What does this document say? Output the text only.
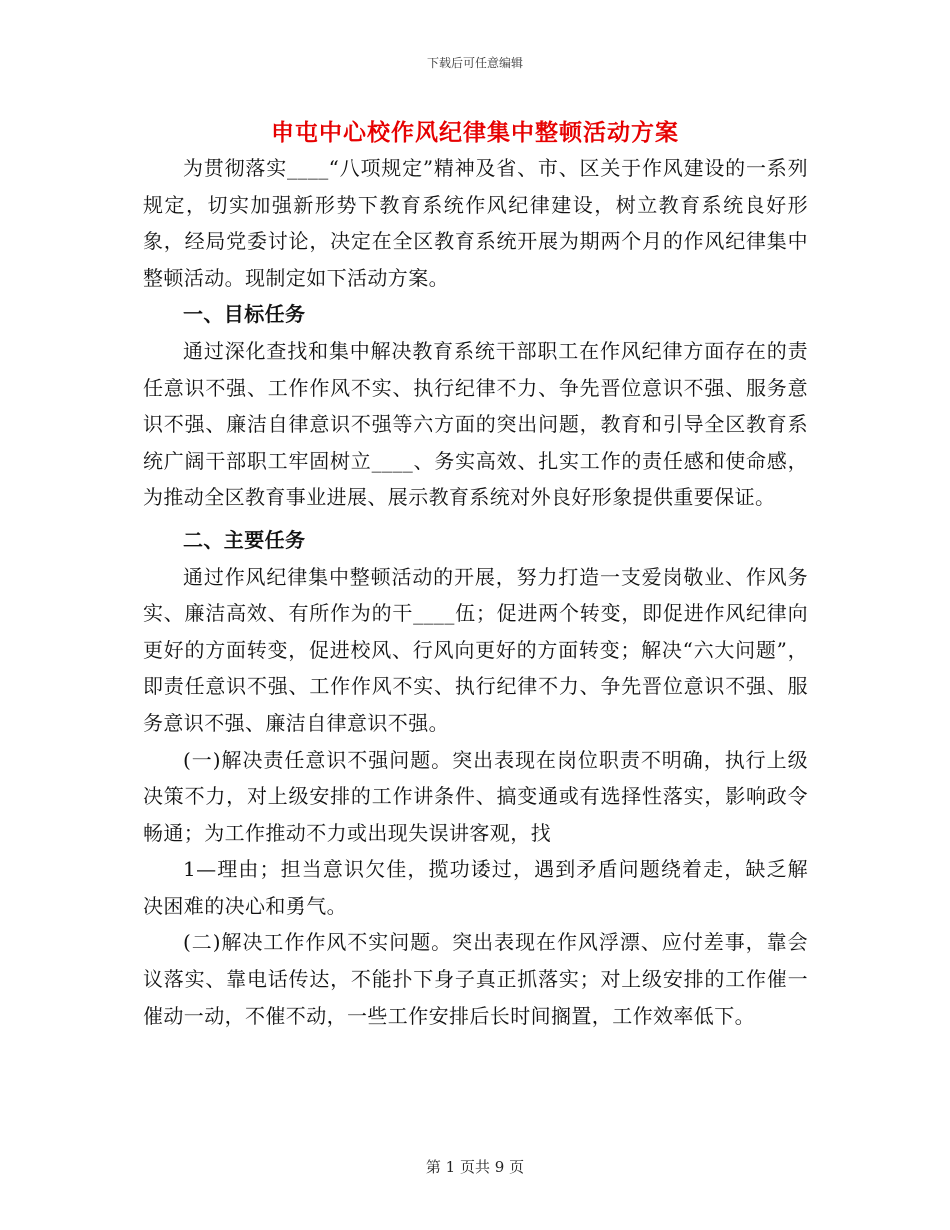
下载后可任意编辑
申屯中心校作风纪律集中整顿活动方案

为贯彻落实____“八项规定”精神及省、市、区关于作风建设的一系列规定，切实加强新形势下教育系统作风纪律建设，树立教育系统良好形象，经局党委讨论，决定在全区教育系统开展为期两个月的作风纪律集中整顿活动。现制定如下活动方案。

一、目标任务

通过深化查找和集中解决教育系统干部职工在作风纪律方面存在的责任意识不强、工作作风不实、执行纪律不力、争先晋位意识不强、服务意识不强、廉洁自律意识不强等六方面的突出问题，教育和引导全区教育系统广阔干部职工牢固树立____、务实高效、扎实工作的责任感和使命感，为推动全区教育事业进展、展示教育系统对外良好形象提供重要保证。

二、主要任务

通过作风纪律集中整顿活动的开展，努力打造一支爱岗敬业、作风务实、廉洁高效、有所作为的干____伍；促进两个转变，即促进作风纪律向更好的方面转变，促进校风、行风向更好的方面转变；解决“六大问题”，即责任意识不强、工作作风不实、执行纪律不力、争先晋位意识不强、服务意识不强、廉洁自律意识不强。

(一)解决责任意识不强问题。突出表现在岗位职责不明确，执行上级决策不力，对上级安排的工作讲条件、搞变通或有选择性落实，影响政令畅通；为工作推动不力或出现失误讲客观，找

1—理由；担当意识欠佳，揽功诿过，遇到矛盾问题绕着走，缺乏解决困难的决心和勇气。

(二)解决工作作风不实问题。突出表现在作风浮漂、应付差事，靠会议落实、靠电话传达，不能扑下身子真正抓落实；对上级安排的工作催一催动一动，不催不动，一些工作安排后长时间搁置，工作效率低下。

第 1 页共 9 页
